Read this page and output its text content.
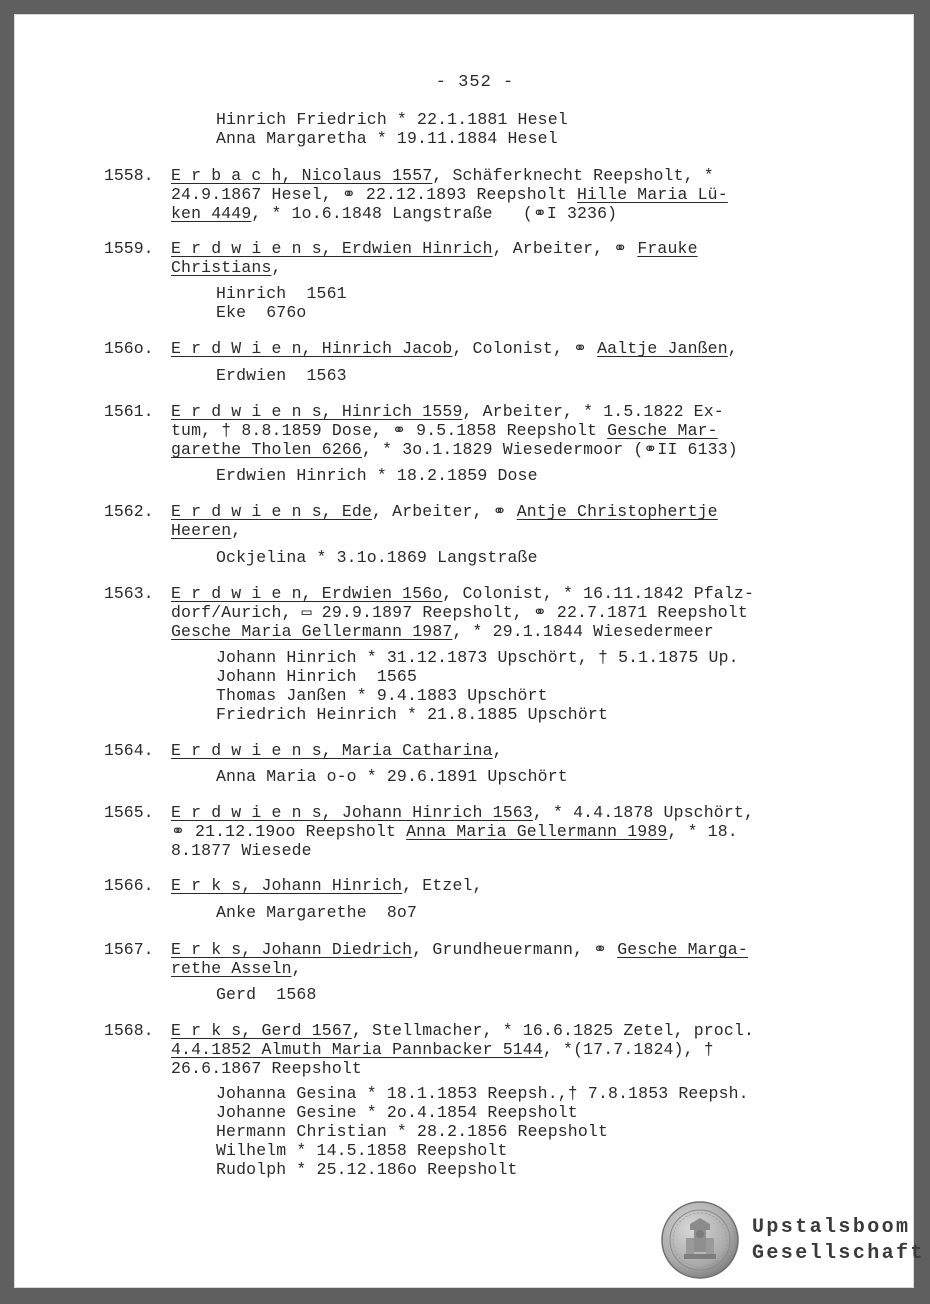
- 352 -
Hinrich Friedrich * 22.1.1881 Hesel
Anna Margaretha * 19.11.1884 Hesel
1558. E r b a c h, Nicolaus 1557, Schäferknecht Reepsholt, *
24.9.1867 Hesel, ⚭ 22.12.1893 Reepsholt Hille Maria Lü-
ken 4449, * 1o.6.1848 Langstraße   (⚭I 3236)
1559. E r d w i e n s, Erdwien Hinrich, Arbeiter, ⚭ Frauke
Christians,
Hinrich  1561
Eke  676o
156o. E r d W i e n, Hinrich Jacob, Colonist, ⚭ Aaltje Janßen,
Erdwien  1563
1561. E r d w i e n s, Hinrich 1559, Arbeiter, * 1.5.1822 Ex-
tum, † 8.8.1859 Dose, ⚭ 9.5.1858 Reepsholt Gesche Mar-
garethe Tholen 6266, * 3o.1.1829 Wiesedermoor (⚭II 6133)
Erdwien Hinrich * 18.2.1859 Dose
1562. E r d w i e n s, Ede, Arbeiter, ⚭ Antje Christophertje
Heeren,
Ockjelina * 3.1o.1869 Langstraße
1563. E r d w i e n, Erdwien 156o, Colonist, * 16.11.1842 Pfalz-
dorf/Aurich, ▭ 29.9.1897 Reepsholt, ⚭ 22.7.1871 Reepsholt
Gesche Maria Gellermann 1987, * 29.1.1844 Wiesedermeer
Johann Hinrich * 31.12.1873 Upschört, † 5.1.1875 Up.
Johann Hinrich  1565
Thomas Janßen * 9.4.1883 Upschört
Friedrich Heinrich * 21.8.1885 Upschört
1564. E r d w i e n s, Maria Catharina,
Anna Maria o-o * 29.6.1891 Upschört
1565. E r d w i e n s, Johann Hinrich 1563, * 4.4.1878 Upschört,
⚭ 21.12.19oo Reepsholt Anna Maria Gellermann 1989, * 18.
8.1877 Wiesede
1566. E r k s, Johann Hinrich, Etzel,
Anke Margarethe  8o7
1567. E r k s, Johann Diedrich, Grundheuermann, ⚭ Gesche Marga-
rethe Asseln,
Gerd  1568
1568. E r k s, Gerd 1567, Stellmacher, * 16.6.1825 Zetel, procl.
4.4.1852 Almuth Maria Pannbacker 5144, *(17.7.1824), †
26.6.1867 Reepsholt
Johanna Gesina * 18.1.1853 Reepsh.,† 7.8.1853 Reepsh.
Johanne Gesine * 2o.4.1854 Reepsholt
Hermann Christian * 28.2.1856 Reepsholt
Wilhelm * 14.5.1858 Reepsholt
Rudolph * 25.12.186o Reepsholt
Upstalsboom
Gesellschaft
